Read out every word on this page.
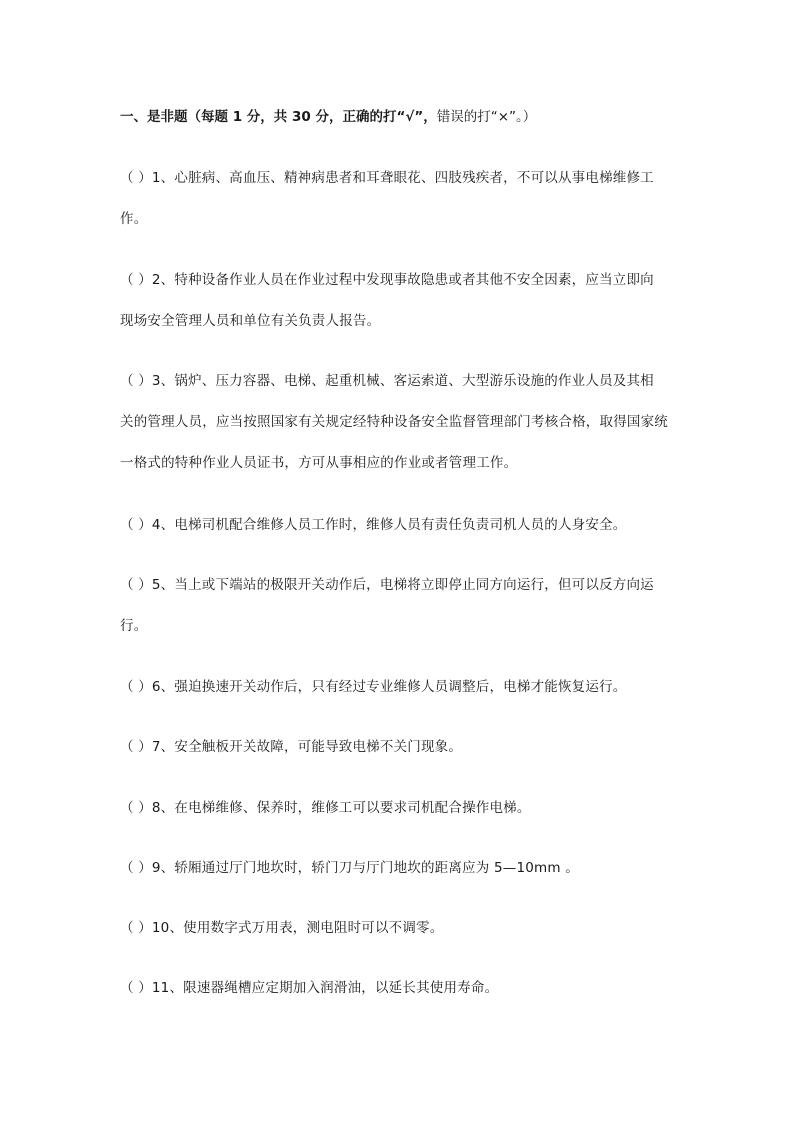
一、是非题（每题 1 分，共 30 分，正确的打“√”，错误的打“×”。）
（ ）1、心脏病、高血压、精神病患者和耳聋眼花、四肢残疾者，不可以从事电梯维修工
作。
（ ）2、特种设备作业人员在作业过程中发现事故隐患或者其他不安全因素，应当立即向
现场安全管理人员和单位有关负责人报告。
（ ）3、锅炉、压力容器、电梯、起重机械、客运索道、大型游乐设施的作业人员及其相
关的管理人员，应当按照国家有关规定经特种设备安全监督管理部门考核合格，取得国家统
一格式的特种作业人员证书，方可从事相应的作业或者管理工作。
（ ）4、电梯司机配合维修人员工作时，维修人员有责任负责司机人员的人身安全。
（ ）5、当上或下端站的极限开关动作后，电梯将立即停止同方向运行，但可以反方向运
行。
（ ）6、强迫换速开关动作后，只有经过专业维修人员调整后，电梯才能恢复运行。
（ ）7、安全触板开关故障，可能导致电梯不关门现象。
（ ）8、在电梯维修、保养时，维修工可以要求司机配合操作电梯。
（ ）9、轿厢通过厅门地坎时，轿门刀与厅门地坎的距离应为 5—10mm 。
（ ）10、使用数字式万用表，测电阻时可以不调零。
（ ）11、限速器绳槽应定期加入润滑油，以延长其使用寿命。
